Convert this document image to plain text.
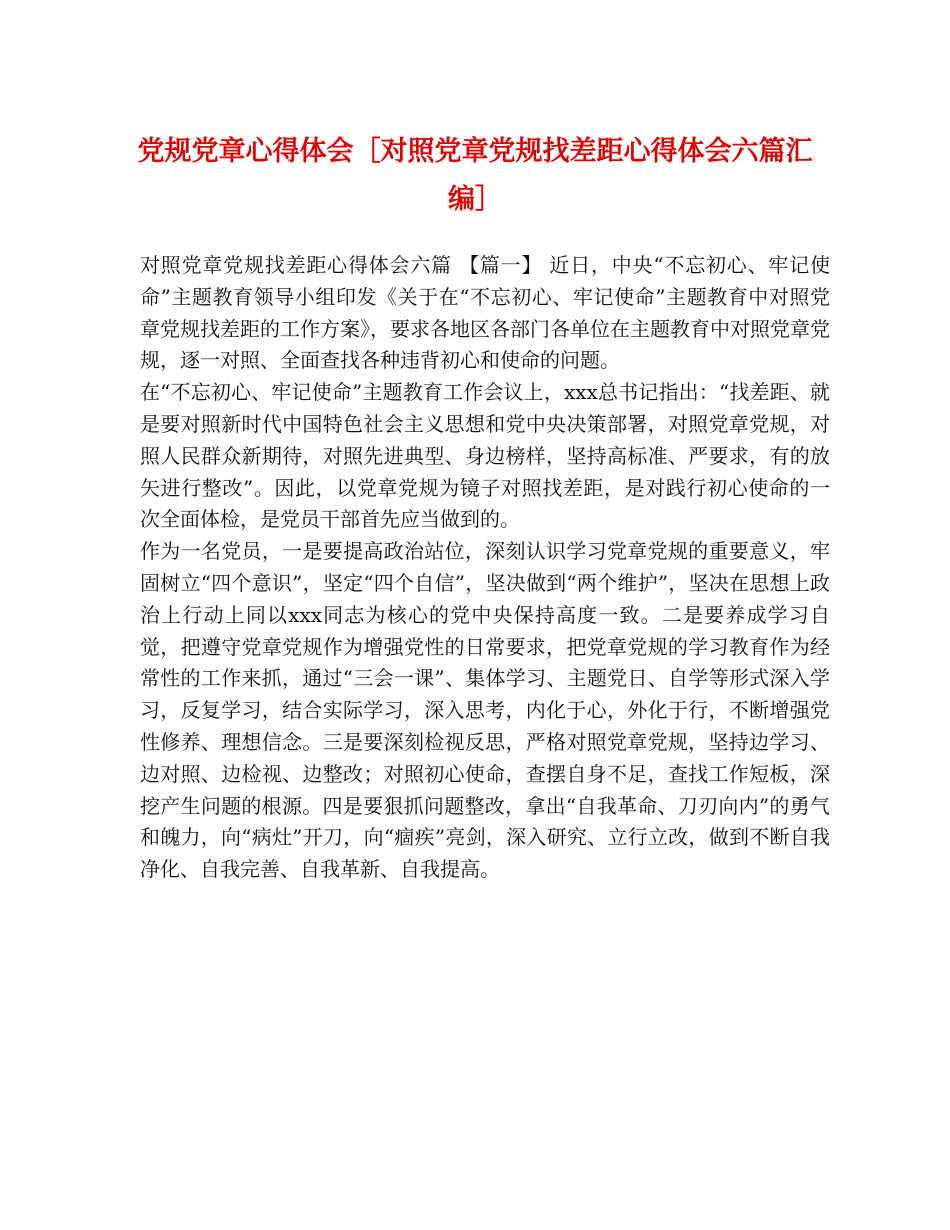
党规党章心得体会［对照党章党规找差距心得体会六篇汇编］

对照党章党规找差距心得体会六篇 【篇一】 近日，中央“不忘初心、牢记使命”主题教育领导小组印发《关于在“不忘初心、牢记使命”主题教育中对照党章党规找差距的工作方案》，要求各地区各部门各单位在主题教育中对照党章党规，逐一对照、全面查找各种违背初心和使命的问题。

在“不忘初心、牢记使命”主题教育工作会议上，xxx总书记指出：“找差距、就是要对照新时代中国特色社会主义思想和党中央决策部署，对照党章党规，对照人民群众新期待，对照先进典型、身边榜样，坚持高标准、严要求，有的放矢进行整改”。因此，以党章党规为镜子对照找差距，是对践行初心使命的一次全面体检，是党员干部首先应当做到的。

作为一名党员，一是要提高政治站位，深刻认识学习党章党规的重要意义，牢固树立“四个意识”，坚定“四个自信”，坚决做到“两个维护”，坚决在思想上政治上行动上同以xxx同志为核心的党中央保持高度一致。二是要养成学习自觉，把遵守党章党规作为增强党性的日常要求，把党章党规的学习教育作为经常性的工作来抓，通过“三会一课”、集体学习、主题党日、自学等形式深入学习，反复学习，结合实际学习，深入思考，内化于心，外化于行，不断增强党性修养、理想信念。三是要深刻检视反思，严格对照党章党规，坚持边学习、边对照、边检视、边整改；对照初心使命，查摆自身不足，查找工作短板，深挖产生问题的根源。四是要狠抓问题整改，拿出“自我革命、刀刃向内”的勇气和魄力，向“病灶”开刀，向“痼疾”亮剑，深入研究、立行立改，做到不断自我净化、自我完善、自我革新、自我提高。
